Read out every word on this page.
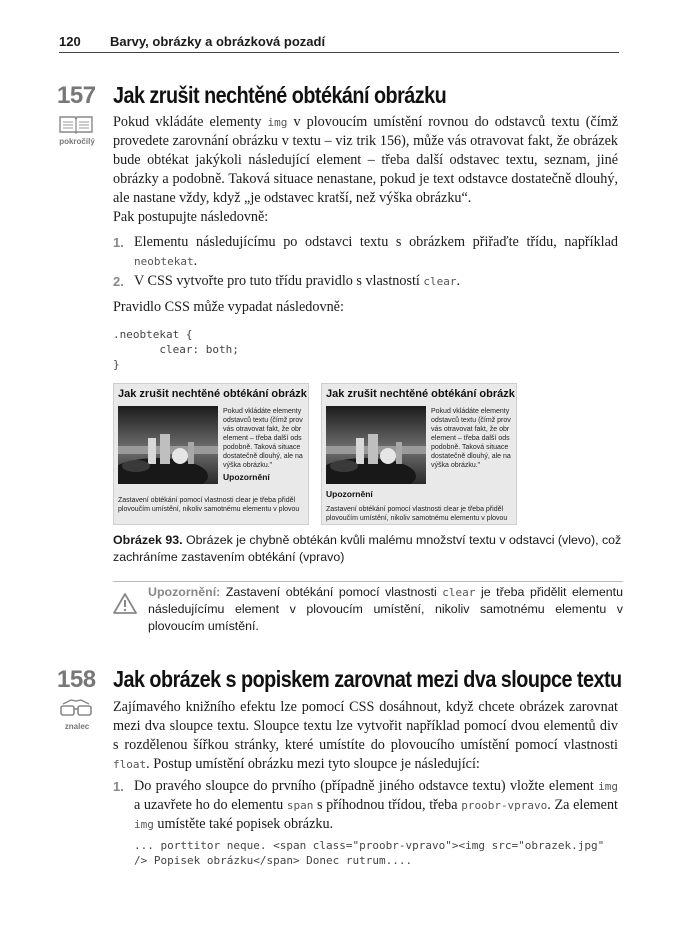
120 Barvy, obrázky a obrázková pozadí
157 Jak zrušit nechtěné obtékání obrázku
pokročilý

Pokud vkládáte elementy img v plovoucím umístění rovnou do odstavců textu (čímž provedete zarovnání obrázku v textu – viz trik 156), může vás otravovat fakt, že obrázek bude obtékat jakýkoli následující element – třeba další odstavec textu, seznam, jiné obrázky a podobně. Taková situace nenastane, pokud je text odstavce dostatečně dlouhý, ale nastane vždy, když „je odstavec kratší, než výška obrázku“.

Pak postupujte následovně:

1. Elementu následujícímu po odstavci textu s obrázkem přiřaďte třídu, například neobtekat.
2. V CSS vytvořte pro tuto třídu pravidlo s vlastností clear.

Pravidlo CSS může vypadat následovně:

.neobtekat {
clear: both;
}
Jak zrušit nechtěné obtékání obrázk
Pokud vkládáte elementy
odstavců textu (čímž prov
vás otravovat fakt, že obr
element – třeba další ods
podobně. Taková situace
dostatečně dlouhý, ale na
výška obrázku."
Upozornění
Zastavení obtékání pomocí vlastnosti clear je třeba přiděl
plovoučím umístění, nikoliv samotnému elementu v plovou
Jak zrušit nechtěné obtékání obrázk
Pokud vkládáte elementy
odstavců textu (čímž prov
vás otravovat fakt, že obr
element – třeba další ods
podobně. Taková situace
dostatečně dlouhý, ale na
výška obrázku."
Upozornění
Zastavení obtékání pomocí vlastnosti clear je třeba přiděl
plovoučím umístění, nikoliv samotnému elementu v plovou

Obrázek 93. Obrázek je chybně obtékán kvůli malému množství textu v odstavci (vlevo), což zachráníme zastavením obtékání (vpravo)

Upozornění: Zastavení obtékání pomocí vlastnosti clear je třeba přidělit elementu následujícímu element v plovoucím umístění, nikoliv samotnému elementu v plovoucím umístění.

158 Jak obrázek s popiskem zarovnat mezi dva sloupce textu
znalec

Zajímavého knižního efektu lze pomocí CSS dosáhnout, když chcete obrázek zarovnat mezi dva sloupce textu. Sloupce textu lze vytvořit například pomocí dvou elementů div s rozdělenou šířkou stránky, které umístíte do plovoucího umístění pomocí vlastnosti float. Postup umístění obrázku mezi tyto sloupce je následující:

1. Do pravého sloupce do prvního (případně jiného odstavce textu) vložte element img a uzavřete ho do elementu span s příhodnou třídou, třeba proobr-vpravo. Za element img umístěte také popisek obrázku.
... porttitor neque. <span class="proobr-vpravo"><img src="obrazek.jpg"
/> Popisek obrázku</span> Donec rutrum....
